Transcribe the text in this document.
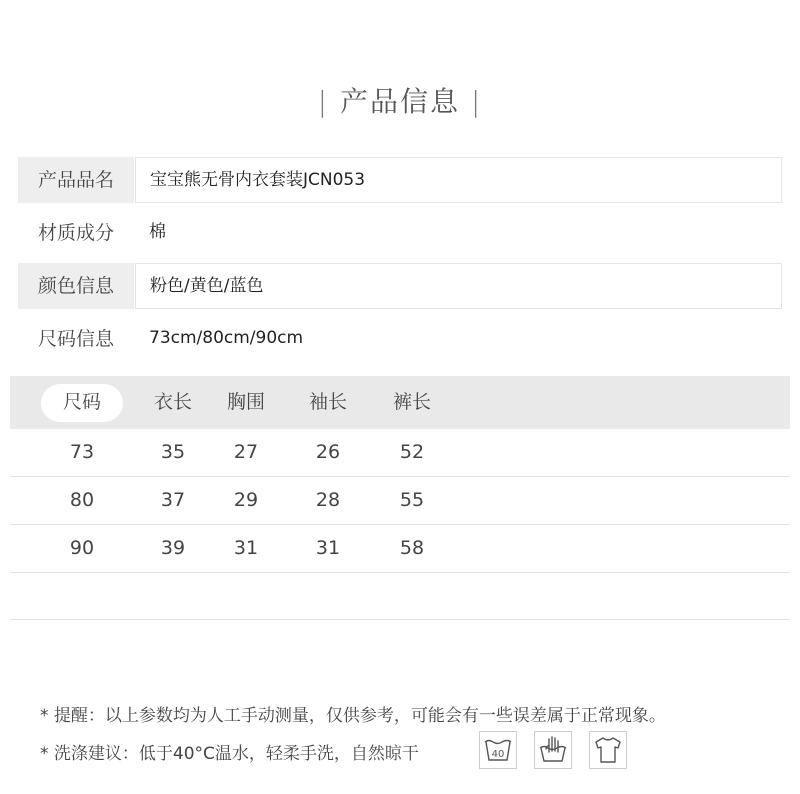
| 产品信息 |
产品品名	宝宝熊无骨内衣套装JCN053
材质成分	棉
颜色信息	粉色/黄色/蓝色
尺码信息	73cm/80cm/90cm
尺码	衣长	胸围	袖长	裤长
73	35	27	26	52
80	37	29	28	55
90	39	31	31	58
* 提醒：以上参数均为人工手动测量，仅供参考，可能会有一些误差属于正常现象。
* 洗涤建议：低于40°C温水，轻柔手洗，自然晾干	40
